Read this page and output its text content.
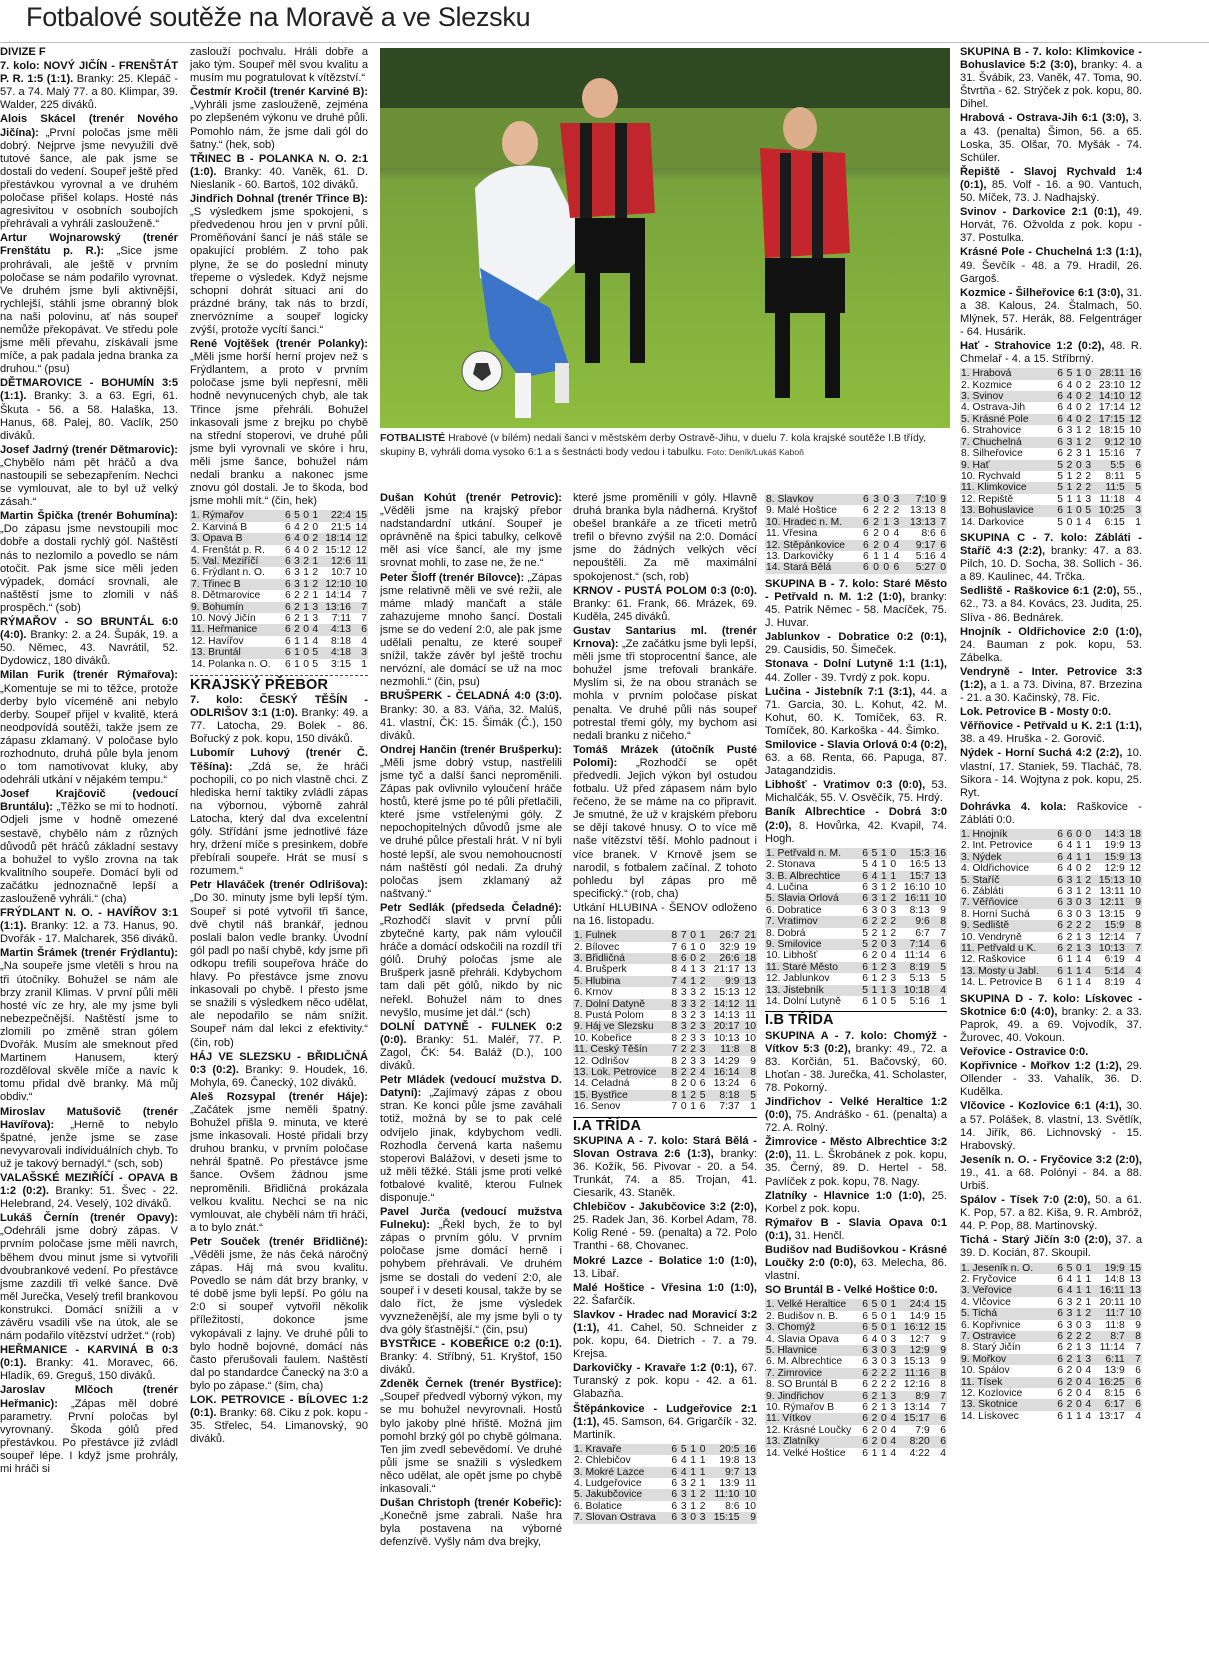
Fotbalové soutěže na Moravě a ve Slezsku

DIVIZE F

7. kolo: NOVÝ JIČÍN - FRENŠTÁT P. R. 1:5 (1:1). Branky: 25. Klepáč - 57. a 74. Malý 77. a 80. Klimpar, 39. Walder, 225 diváků.

Alois Skácel (trenér Nového Jičína): „První poločas jsme měli dobrý. Nejprve jsme nevyužili dvě tutové šance, ale pak jsme se dostali do vedení. Soupeř ještě před přestávkou vyrovnal a ve druhém poločase přišel kolaps. Hosté nás agresivitou v osobních soubojích přehrávali a vyhráli zaslouženě.“

Artur Wojnarowský (trenér Frenštátu p. R.): „Sice jsme prohrávali, ale ještě v prvním poločase se nám podařilo vyrovnat. Ve druhém jsme byli aktivnější, rychlejší, stáhli jsme obranný blok na naši polovinu, ať nás soupeř nemůže překopávat. Ve středu pole jsme měli převahu, získávali jsme míče, a pak padala jedna branka za druhou.“ (psu)

DĚTMAROVICE - BOHUMÍN 3:5 (1:1). Branky: 3. a 63. Egri, 61. Škuta - 56. a 58. Halaška, 13. Hanus, 68. Palej, 80. Vaclík, 250 diváků.

Josef Jadrný (trenér Dětmarovic): „Chybělo nám pět hráčů a dva nastoupili se sebezapřením. Nechci se vymlouvat, ale to byl už velký zásah.“

Martin Špička (trenér Bohumína): „Do zápasu jsme nevstoupili moc dobře a dostali rychlý gól. Naštěstí nás to nezlomilo a povedlo se nám otočit. Pak jsme sice měli jeden výpadek, domácí srovnali, ale naštěstí jsme to zlomili v náš prospěch.“ (sob)

RÝMAŘOV - SO BRUNTÁL 6:0 (4:0). Branky: 2. a 24. Šupák, 19. a 50. Němec, 43. Navrátil, 52. Dydowicz, 180 diváků.

Milan Furik (trenér Rýmařova): „Komentuje se mi to těžce, protože derby bylo víceméně ani nebylo derby. Soupeř přijel v kvalitě, která neodpovídá soutěži, takže jsem ze zápasu zklamaný. V poločase bylo rozhodnuto, druhá půle byla jenom o tom namotivovat kluky, aby odehráli utkání v nějakém tempu.“

Josef Krajčovič (vedoucí Bruntálu): „Těžko se mi to hodnotí. Odjeli jsme v hodně omezené sestavě, chybělo nám z různých důvodů pět hráčů základní sestavy a bohužel to vyšlo zrovna na tak kvalitního soupeře. Domácí byli od začátku jednoznačně lepší a zaslouženě vyhráli.“ (cha)

FRÝDLANT N. O. - HAVÍŘOV 3:1 (1:1). Branky: 12. a 73. Hanus, 90. Dvořák - 17. Malcharek, 356 diváků.

Martin Šrámek (trenér Frýdlantu): „Na soupeře jsme vletěli s hrou na tři útočníky. Bohužel se nám ale brzy zranil Klimas. V první půli měli hosté víc ze hry, ale my jsme byli nebezpečnější. Naštěstí jsme to zlomili po změně stran gólem Dvořák. Musím ale smeknout před Martinem Hanusem, který rozděloval skvěle míče a navíc k tomu přidal dvě branky. Má můj obdiv.“

Miroslav Matušovič (trenér Havířova): „Herně to nebylo špatné, jenže jsme se zase nevyvarovali individuálních chyb. To už je takový bernadýl.“ (sch, sob)

VALAŠSKÉ MEZIŘÍČÍ - OPAVA B 1:2 (0:2). Branky: 51. Švec - 22. Helebrand, 24. Veselý, 102 diváků.

Lukáš Černín (trenér Opavy): „Odehráli jsme dobrý zápas. V prvním poločase jsme měli navrch, během dvou minut jsme si vytvořili dvoubrankové vedení. Po přestávce jsme zazdili tři velké šance. Dvě měl Jurečka, Veselý trefil brankovou konstrukci. Domácí snížili a v závěru vsadili vše na útok, ale se nám podařilo vítězství udržet.“ (rob)

HEŘMANICE - KARVINÁ B 0:3 (0:1). Branky: 41. Moravec, 66. Hladík, 69. Greguš, 150 diváků.

Jaroslav Mlčoch (trenér Heřmanic): „Zápas měl dobré parametry. První poločas byl vyrovnaný. Škoda gólů před přestávkou. Po přestávce již zvládl soupeř lépe. I když jsme prohrály, mi hráči si

zaslouží pochvalu. Hráli dobře a jako tým. Soupeř měl svou kvalitu a musím mu pogratulovat k vítězství.“

Čestmír Kročil (trenér Karviné B): „Vyhráli jsme zaslouženě, zejména po zlepšeném výkonu ve druhé půli. Pomohlo nám, že jsme dali gól do šatny.“ (hek, sob)

TŘINEC B - POLANKA N. O. 2:1 (1:0). Branky: 40. Vaněk, 61. D. Nieslanik - 60. Bartoš, 102 diváků.

Jindřich Dohnal (trenér Třince B): „S výsledkem jsme spokojeni, s předvedenou hrou jen v první půli. Proměňování šancí je náš stále se opakující problém. Z toho pak plyne, že se do poslední minuty třepeme o výsledek. Když nejsme schopni dohrát situaci ani do prázdné brány, tak nás to brzdí, znervózníme a soupeř logicky zvýší, protože vycítí šanci.“

René Vojtěšek (trenér Polanky): „Měli jsme horší herní projev než s Frýdlantem, a proto v prvním poločase jsme byli nepřesní, měli hodně nevynucených chyb, ale tak Třince jsme přehráli. Bohužel inkasovali jsme z brejku po chybě na střední stoperovi, ve druhé půli jsme byli vyrovnali ve skóre i hru, měli jsme šance, bohužel nám nedali branku a nakonec jsme znovu gól dostali. Je to škoda, bod jsme mohli mít.“ (čin, hek)

1. Rýmařov	6	5	0	1	22:4	15
2. Karviná B	6	4	2	0	21:5	14
3. Opava B	6	4	0	2	18:14	12
4. Frenštát p. R.	6	4	0	2	15:12	12
5. Val. Meziříčí	6	3	2	1	12:6	11
6. Frýdlant n. O.	6	3	1	2	10:7	10
7. Třinec B	6	3	1	2	12:10	10
8. Dětmarovice	6	2	2	1	14:14	7
9. Bohumín	6	2	1	3	13:16	7
10. Nový Jičín	6	2	1	3	7:11	7
11. Heřmanice	6	2	0	4	4:13	6
12. Havířov	6	1	1	4	8:18	4
13. Bruntál	6	1	0	5	4:18	3
14. Polanka n. O.	6	1	0	5	3:15	1
KRAJSKÝ PŘEBOR

7. kolo: ČESKÝ TĚŠÍN - ODLRIŠOV 3:1 (1:0). Branky: 49. a 77. Latocha, 29. Bolek - 86. Bořucký z pok. kopu, 150 diváků.

Lubomír Luhový (trenér Č. Těšína): „Zdá se, že hráči pochopili, co po nich vlastně chci. Z hlediska herní taktiky zvládli zápas na výbornou, výborně zahrál Latocha, který dal dva excelentní góly. Střídání jsme jednotlivé fáze hry, držení míče s presinkem, dobře přebírali soupeře. Hrát se musí s rozumem.“

Petr Hlaváček (trenér Odlrišova): „Do 30. minuty jsme byli lepší tým. Soupeř si poté vytvořil tři šance, dvě chytil náš brankář, jednou poslali balon vedle branky. Úvodní gól padl po naší chybě, kdy jsme při odkopu trefili soupeřova hráče do hlavy. Po přestávce jsme znovu inkasovali po chybě. I přesto jsme se snažili s výsledkem něco udělat, ale nepodařilo se nám snížit. Soupeř nám dal lekci z efektivity.“ (čin, rob)

HÁJ VE SLEZSKU - BŘIDLIČNÁ 0:3 (0:2). Branky: 9. Houdek, 16. Mohyla, 69. Čanecký, 102 diváků.

Aleš Rozsypal (trenér Háje): „Začátek jsme neměli špatný. Bohužel přišla 9. minuta, ve které jsme inkasovali. Hosté přidali brzy druhou branku, v prvním poločase nehrál špatně. Po přestávce jsme šance. Ovšem žádnou jsme neproměnili. Břidličná prokázala velkou kvalitu. Nechci se na nic vymlouvat, ale chyběli nám tři hráči, a to bylo znát.“

Petr Souček (trenér Břidličné): „Věděli jsme, že nás čeká náročný zápas. Háj má svou kvalitu. Povedlo se nám dát brzy branky, v té době jsme byli lepší. Po gólu na 2:0 si soupeř vytvořil několik příležitostí, dokonce jsme vykopávali z lajny. Ve druhé půli to bylo hodně bojovné, domácí nás často přerušovali faulem. Naštěstí dal po standardce Čanecký na 3:0 a bylo po zápase.“ (šim, cha)

LOK. PETROVICE - BÍLOVEC 1:2 (0:1). Branky: 68. Ciku z pok. kopu - 35. Střelec, 54. Limanovský, 90 diváků.

FOTBALISTÉ Hrabové (v bílém) nedali šanci v městském derby Ostravě-Jihu, v duelu 7. kola krajské soutěže I.B třídy, skupiny B, vyhráli doma vysoko 6:1 a s šestnácti body vedou i tabulku. Foto: Deník/Lukáš Kaboň

Dušan Kohút (trenér Petrovic): „Věděli jsme na krajský přebor nadstandardní utkání. Soupeř je oprávněně na špici tabulky, celkově měl asi více šancí, ale my jsme srovnat mohli, to zase ne, že ne.“

Peter Šloff (trenér Bílovce): „Zápas jsme relativně měli ve své režii, ale máme mladý mančaft a stále zahazujeme mnoho šancí. Dostali jsme se do vedení 2:0, ale pak jsme udělali penaltu, ze které soupeř snížil, takže závěr byl ještě trochu nervózní, ale domácí se už na moc nezmohli.“ (čin, psu)

BRUŠPERK - ČELADNÁ 4:0 (3:0). Branky: 30. a 83. Váňa, 32. Malúš, 41. vlastní, ČK: 15. Šimák (Č.), 150 diváků.

Ondrej Hančin (trenér Brušperku): „Měli jsme dobrý vstup, nastřelili jsme tyč a další šanci neproměnili. Zápas pak ovlivnilo vyloučení hráče hostů, které jsme po té půli přetlačili, které jsme vstřelenými góly. Z nepochopitelných důvodů jsme ale ve druhé půlce přestali hrát. V ní byli hosté lepší, ale svou nemohoucností nám naštěstí gól nedali. Za druhý poločas jsem zklamaný až naštvaný.“

Petr Sedlák (předseda Čeladné): „Rozhodčí slavit v první půli zbytečné karty, pak nám vyloučil hráče a domácí odskočili na rozdíl tří gólů. Druhý poločas jsme ale Brušperk jasně přehráli. Kdybychom tam dali pět gólů, nikdo by nic neřekl. Bohužel nám to dnes nevyšlo, musíme jet dál.“ (sch)

DOLNÍ DATYNĚ - FULNEK 0:2 (0:0). Branky: 51. Maléř, 77. P. Zagol, ČK: 54. Baláž (D.), 100 diváků.

Petr Mládek (vedoucí mužstva D. Datyní): „Zajímavý zápas z obou stran. Ke konci půle jsme zaváhali totiž, možná by se to pak celé odvíjelo jinak, kdybychom vedli. Rozhodla červená karta našemu stoperovi Balážovi, v deseti jsme to už měli těžké. Stáli jsme proti velké fotbalové kvalitě, kterou Fulnek disponuje.“

Pavel Jurča (vedoucí mužstva Fulneku): „Řekl bych, že to byl zápas o prvním gólu. V prvním poločase jsme domácí herně i pohybem přehrávali. Ve druhém jsme se dostali do vedení 2:0, ale soupeř i v deseti kousal, takže by se dalo říct, že jsme výsledek vyvzneženější, ale my jsme byli o ty dva góly šťastnější.“ (čin, psu)

BYSTŘICE - KOBEŘICE 0:2 (0:1). Branky: 4. Stříbný, 51. Kryštof, 150 diváků.

Zdeněk Černek (trenér Bystřice): „Soupeř předvedl výborný výkon, my se mu bohužel nevyrovnali. Hostů bylo jakoby plné hřiště. Možná jim pomohl brzký gól po chybě gólmana. Ten jim zvedl sebevědomí. Ve druhé půli jsme se snažili s výsledkem něco udělat, ale opět jsme po chybě inkasovali.“

Dušan Christoph (trenér Kobeřic): „Konečně jsme zabrali. Naše hra byla postavena na výborné defenzívě. Vyšly nám dva brejky,

které jsme proměnili v góly. Hlavně druhá branka byla nádherná. Kryštof obešel brankáře a ze třiceti metrů trefil o břevno zvýšil na 2:0. Domácí jsme do žádných velkých věcí nepouštěli. Za mě maximální spokojenost.“ (sch, rob)

KRNOV - PUSTÁ POLOM 0:3 (0:0). Branky: 61. Frank, 66. Mrázek, 69. Kudělа, 245 diváků.

Gustav Santarius ml. (trenér Krnova): „Ze začátku jsme byli lepší, měli jsme tři stoprocentní šance, ale bohužel jsme trefovali brankáře. Myslím si, že na obou stranách se mohla v prvním poločase pískat penalta. Ve druhé půli nás soupeř potrestal třemi góly, my bychom asi nedali branku z ničeho.“

Tomáš Mrázek (útočník Pusté Polomi): „Rozhodčí se opět předvedli. Jejich výkon byl ostudou fotbalu. Už před zápasem nám bylo řečeno, že se máme na co připravit. Je smutné, že už v krajském přeboru se dějí takové hnusy. O to více mě naše vítězství těší. Mohlo padnout i více branek. V Krnově jsem se narodil, s fotbalem začínal. Z tohoto pohledu byl zápas pro mě specifický.“ (rob, cha)

Utkání HLUBINA - ŠENOV odloženo na 16. listopadu.

1. Fulnek	8	7	0	1	26:7	21
2. Bílovec	7	6	1	0	32:9	19
3. Břidličná	8	6	0	2	26:6	18
4. Brušperk	8	4	1	3	21:17	13
5. Hlubina	7	4	1	2	9:9	13
6. Krnov	8	3	3	2	15:13	12
7. Dolní Datyně	8	3	3	2	14:12	11
8. Pustá Polom	8	3	2	3	14:13	11
9. Háj ve Slezsku	8	3	2	3	20:17	10
10. Kobeřice	8	2	3	3	10:13	10
11. Český Těšín	7	2	2	3	11:8	8
12. Odlrišov	8	2	3	3	14:29	9
13. Lok. Petrovice	8	2	2	4	16:14	8
14. Čeladná	8	2	0	6	13:24	6
15. Bystřice	8	1	2	5	8:18	5
16. Šenov	7	0	1	6	7:37	1
I.A TŘÍDA

SKUPINA A - 7. kolo: Stará Bělá - Slovan Ostrava 2:6 (1:3), branky: 36. Kožík, 56. Pivovar - 20. a 54. Trunkát, 74. a 85. Trojan, 41. Ciesarik, 43. Staněk.

Chlebičov - Jakubčovice 3:2 (2:0), 25. Radek Jan, 36. Korbel Adam, 78. Kolig René - 59. (penalta) a 72. Polo Tranthi - 68. Chovanec.

Mokré Lazce - Bolatice 1:0 (1:0), 13. Libař.

Malé Hoštice - Vřesina 1:0 (1:0), 22. Šafarčík.

Slavkov - Hradec nad Moravicí 3:2 (1:1), 41. Cahel, 50. Schneider z pok. kopu, 64. Dietrich - 7. a 79. Krejsa.

Darkovičky - Kravaře 1:2 (0:1), 67. Turanský z pok. kopu - 42. a 61. Glabazňa.

Štěpánkovice - Ludgeřovice 2:1 (1:1), 45. Samson, 64. Grigarčík - 32. Martiník.

1. Kravaře	6	5	1	0	20:5	16
2. Chlebičov	6	4	1	1	19:8	13
3. Mokré Lazce	6	4	1	1	9:7	13
4. Ludgeřovice	6	3	2	1	13:9	11
5. Jakubčovice	6	3	1	2	11:10	10
6. Bolatice	6	3	1	2	8:6	10
7. Slovan Ostrava	6	3	0	3	15:15	9
8. Slavkov	6	3	0	3	7:10	9
9. Malé Hoštice	6	2	2	2	13:13	8
10. Hradec n. M.	6	2	1	3	13:13	7
11. Vřesina	6	2	0	4	8:6	6
12. Štěpánkovice	6	2	0	4	9:17	6
13. Darkovičky	6	1	1	4	5:16	4
14. Stará Bělá	6	0	0	6	5:27	0

SKUPINA B - 7. kolo: Staré Město - Petřvald n. M. 1:2 (1:0), branky: 45. Patrik Němec - 58. Macíček, 75. J. Huvar.

Jablunkov - Dobratice 0:2 (0:1), 29. Causidis, 50. Šimeček.

Stonava - Dolní Lutyně 1:1 (1:1), 44. Zoller - 39. Tvrdý z pok. kopu.

Lučina - Jistebník 7:1 (3:1), 44. a 71. Garcia, 30. L. Kohut, 42. M. Kohut, 60. K. Tomíček, 63. R. Tomíček, 80. Karkoška - 44. Šimko.

Smilovice - Slavia Orlová 0:4 (0:2), 63. a 68. Renta, 66. Papuga, 87. Jatagandzidis.

Libhošť - Vratimov 0:3 (0:0), 53. Michalčák, 55. V. Osvěčík, 75. Hrdý.

Baník Albrechtice - Dobrá 3:0 (2:0), 8. Hovůrka, 42. Kvapil, 74. Hogh.

1. Petřvald n. M.	6	5	1	0	15:3	16
2. Stonava	5	4	1	0	16:5	13
3. B. Albrechtice	6	4	1	1	15:7	13
4. Lučina	6	3	1	2	16:10	10
5. Slavia Orlová	6	3	1	2	16:11	10
6. Dobratice	6	3	0	3	8:13	9
7. Vratimov	6	2	2	2	9:6	8
8. Dobrá	5	2	1	2	6:7	7
9. Smilovice	5	2	0	3	7:14	6
10. Libhošť	6	2	0	4	11:14	6
11. Staré Město	6	1	2	3	8:19	5
12. Jablunkov	6	1	2	3	5:13	5
13. Jistebník	5	1	1	3	10:18	4
14. Dolní Lutyně	6	1	0	5	5:16	1
I.B TŘÍDA

SKUPINA A - 7. kolo: Chomýž - Vítkov 5:3 (0:2), branky: 49., 72. a 83. Korčián, 51. Bačovský, 60. Lhoťan - 38. Jurečka, 41. Scholaster, 78. Pokorný.

Jindřichov - Velké Heraltice 1:2 (0:0), 75. Andráško - 61. (penalta) a 72. A. Rolný.

Žimrovice - Město Albrechtice 3:2 (2:0), 11. L. Škrobánek z pok. kopu, 35. Černý, 89. D. Hertel - 58. Pavlíček z pok. kopu, 78. Nagy.

Zlatníky - Hlavnice 1:0 (1:0), 25. Korbel z pok. kopu.

Rýmařov B - Slavia Opava 0:1 (0:1), 31. Henčl.

Budišov nad Budišovkou - Krásné Loučky 2:0 (0:0), 63. Melecha, 86. vlastní.

SO Bruntál B - Velké Hoštice 0:0.

1. Velké Heraltice	6	5	0	1	24:4	15
2. Budišov n. B.	6	5	0	1	14:9	15
3. Chomýž	6	5	0	1	16:12	15
4. Slavia Opava	6	4	0	3	12:7	9
5. Hlavnice	6	3	0	3	12:9	9
6. M. Albrechtice	6	3	0	3	15:13	9
7. Žimrovice	6	2	2	2	11:16	8
8. SO Bruntál B	6	2	2	2	12:16	8
9. Jindřichov	6	2	1	3	8:9	7
10. Rýmařov B	6	2	1	3	13:14	7
11. Vítkov	6	2	0	4	15:17	6
12. Krásné Loučky	6	2	0	4	7:9	6
13. Zlatníky	6	2	0	4	8:20	6
14. Velké Hoštice	6	1	1	4	4:22	4

SKUPINA B - 7. kolo: Klimkovice - Bohuslavice 5:2 (3:0), branky: 4. a 31. Švábik, 23. Vaněk, 47. Toma, 90. Štvrtňa - 62. Strýček z pok. kopu, 80. Dihel.

Hrabová - Ostrava-Jih 6:1 (3:0), 3. a 43. (penalta) Šimon, 56. a 65. Loska, 35. Olšar, 70. Myšák - 74. Schüler.

Řepiště - Slavoj Rychvald 1:4 (0:1), 85. Volf - 16. a 90. Vantuch, 50. Míček, 73. J. Nadhajský.

Svinov - Darkovice 2:1 (0:1), 49. Horvát, 76. Ožvolda z pok. kopu - 37. Postulka.

Krásné Pole - Chuchelná 1:3 (1:1), 49. Ševčík - 48. a 79. Hradil, 26. Gargoš.

Kozmice - Šilheřovice 6:1 (3:0), 31. a 38. Kalous, 24. Štalmach, 50. Mlýnek, 57. Herák, 88. Felgentráger - 64. Husárik.

Hať - Strahovice 1:2 (0:2), 48. R. Chmelař - 4. a 15. Stříbrný.

1. Hrabová	6	5	1	0	28:11	16
2. Kozmice	6	4	0	2	23:10	12
3. Svinov	6	4	0	2	14:10	12
4. Ostrava-Jih	6	4	0	2	17:14	12
5. Krásné Pole	6	4	0	2	17:15	12
6. Strahovice	6	3	1	2	18:15	10
7. Chuchelná	6	3	1	2	9:12	10
8. Šilheřovice	6	2	3	1	15:16	7
9. Hať	5	2	0	3	5:5	6
10. Rychvald	5	1	2	2	8:11	5
11. Klimkovice	5	1	2	2	11:5	5
12. Řepiště	5	1	1	3	11:18	4
13. Bohuslavice	6	1	0	5	10:25	3
14. Darkovice	5	0	1	4	6:15	1

SKUPINA C - 7. kolo: Zábláti - Staříč 4:3 (2:2), branky: 47. a 83. Pilch, 10. D. Socha, 38. Sollich - 36. a 89. Kaulinec, 44. Trčka.

Sedliště - Raškovice 6:1 (2:0), 55., 62., 73. a 84. Kovács, 23. Judita, 25. Slíva - 86. Bednárek.

Hnojník - Oldřichovice 2:0 (1:0), 24. Bauman z pok. kopu, 53. Zábelka.

Vendryně - Inter. Petrovice 3:3 (1:2), a 1. a 73. Divina, 87. Brzezina - 21. a 30. Kačinský, 78. Fic.

Lok. Petrovice B - Mosty 0:0.

Věřňovice - Petřvald u K. 2:1 (1:1), 38. a 49. Hruška - 2. Gorovič.

Nýdek - Horní Suchá 4:2 (2:2), 10. vlastní, 17. Staniek, 59. Tlacháč, 78. Sikora - 14. Wojtyna z pok. kopu, 25. Ryt.

Dohrávka 4. kola: Raškovice - Zábláti 0:0.

1. Hnojník	6	6	0	0	14:3	18
2. Int. Petrovice	6	4	1	1	19:9	13
3. Nýdek	6	4	1	1	15:9	13
4. Oldřichovice	6	4	0	2	12:9	12
5. Staříč	6	3	1	2	15:13	10
6. Zábláti	6	3	1	2	13:11	10
7. Věřňovice	6	3	0	3	12:11	9
8. Horní Suchá	6	3	0	3	13:15	9
9. Sedliště	6	2	2	2	15:9	8
10. Vendryně	6	2	1	3	12:14	7
11. Petřvald u K.	6	2	1	3	10:13	7
12. Raškovice	6	1	1	4	6:19	4
13. Mosty u Jabl.	6	1	1	4	5:14	4
14. L. Petrovice B	6	1	1	4	8:19	4

SKUPINA D - 7. kolo: Lískovec - Skotnice 6:0 (4:0), branky: 2. a 33. Paprok, 49. a 69. Vojvodík, 37. Žurovec, 40. Vokoun.

Veřovice - Ostravice 0:0.

Kopřivnice - Mořkov 1:2 (1:2), 29. Ollender - 33. Vahalík, 36. D. Kudělka.

Vlčovice - Kozlovice 6:1 (4:1), 30. a 57. Polášek, 8. vlastní, 13. Světlík, 14. Jiřík, 86. Lichnovský - 15. Hrabovský.

Jeseník n. O. - Fryčovice 3:2 (2:0), 19., 41. a 68. Polónyi - 84. a 88. Urbiš.

Spálov - Tísek 7:0 (2:0), 50. a 61. K. Pop, 57. a 82. Kiša, 9. R. Ambróž, 44. P. Pop, 88. Martinovský.

Tichá - Starý Jičín 3:0 (2:0), 37. a 39. D. Kocián, 87. Skoupil.

1. Jeseník n. O.	6	5	0	1	19:9	15
2. Fryčovice	6	4	1	1	14:8	13
3. Veřovice	6	4	1	1	16:11	13
4. Vlčovice	6	3	2	1	20:11	10
5. Tichá	6	3	1	2	11:7	10
6. Kopřivnice	6	3	0	3	11:8	9
7. Ostravice	6	2	2	2	8:7	8
8. Starý Jičín	6	2	1	3	11:14	7
9. Mořkov	6	2	1	3	6:11	7
10. Spálov	6	2	0	4	13:9	6
11. Tísek	6	2	0	4	16:25	6
12. Kozlovice	6	2	0	4	8:15	6
13. Skotnice	6	2	0	4	6:17	6
14. Lískovec	6	1	1	4	13:17	4
